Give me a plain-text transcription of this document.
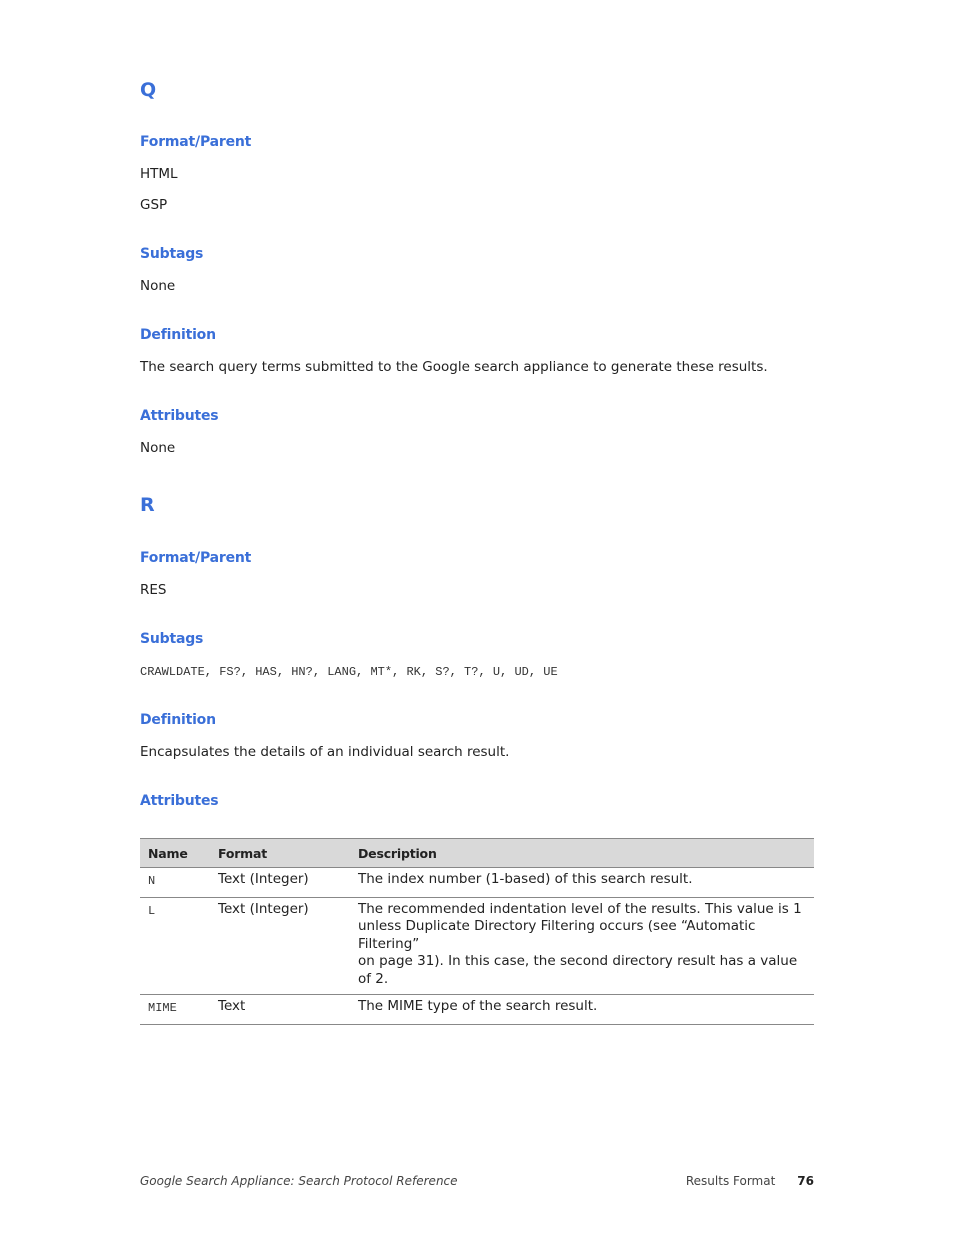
Q
Format/Parent

HTML

GSP

Subtags

None

Definition

The search query terms submitted to the Google search appliance to generate these results.

Attributes

None

R
Format/Parent

RES

Subtags

CRAWLDATE, FS?, HAS, HN?, LANG, MT*, RK, S?, T?, U, UD, UE

Definition

Encapsulates the details of an individual search result.

Attributes
Name	Format	Description
N	Text (Integer)	The index number (1-based) of this search result.
L	Text (Integer)	The recommended indentation level of the results. This value is 1
unless Duplicate Directory Filtering occurs (see “Automatic Filtering”
on page 31). In this case, the second directory result has a value of 2.

MIME	Text	The MIME type of the search result.
Google Search Appliance: Search Protocol Reference	Results Format 76
